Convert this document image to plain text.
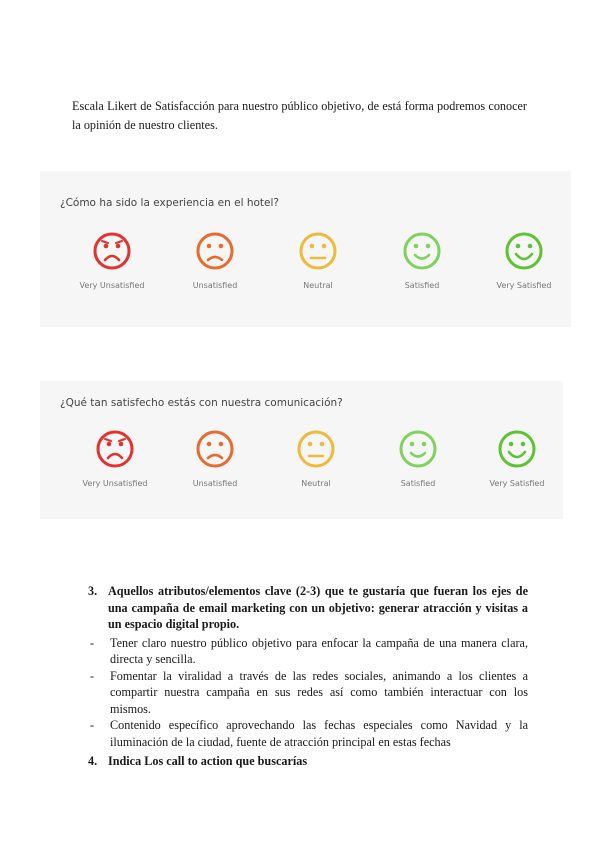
Escala Likert de Satisfacción para nuestro público objetivo, de está forma podremos conocer la opinión de nuestro clientes.
¿Cómo ha sido la experiencia en el hotel?
Very Unsatisfied	Unsatisfied	Neutral	Satisfied	Very Satisfied
¿Qué tan satisfecho estás con nuestra comunicación?
Very Unsatisfied	Unsatisfied	Neutral	Satisfied	Very Satisfied
3. Aquellos atributos/elementos clave (2-3) que te gustaría que fueran los ejes de una campaña de email marketing con un objetivo: generar atracción y visitas a un espacio digital propio.
- Tener claro nuestro público objetivo para enfocar la campaña de una manera clara, directa y sencilla.
- Fomentar la viralidad a través de las redes sociales, animando a los clientes a compartir nuestra campaña en sus redes así como también interactuar con los mismos.
- Contenido específico aprovechando las fechas especiales como Navidad y la iluminación de la ciudad, fuente de atracción principal en estas fechas
4. Indica Los call to action que buscarías
